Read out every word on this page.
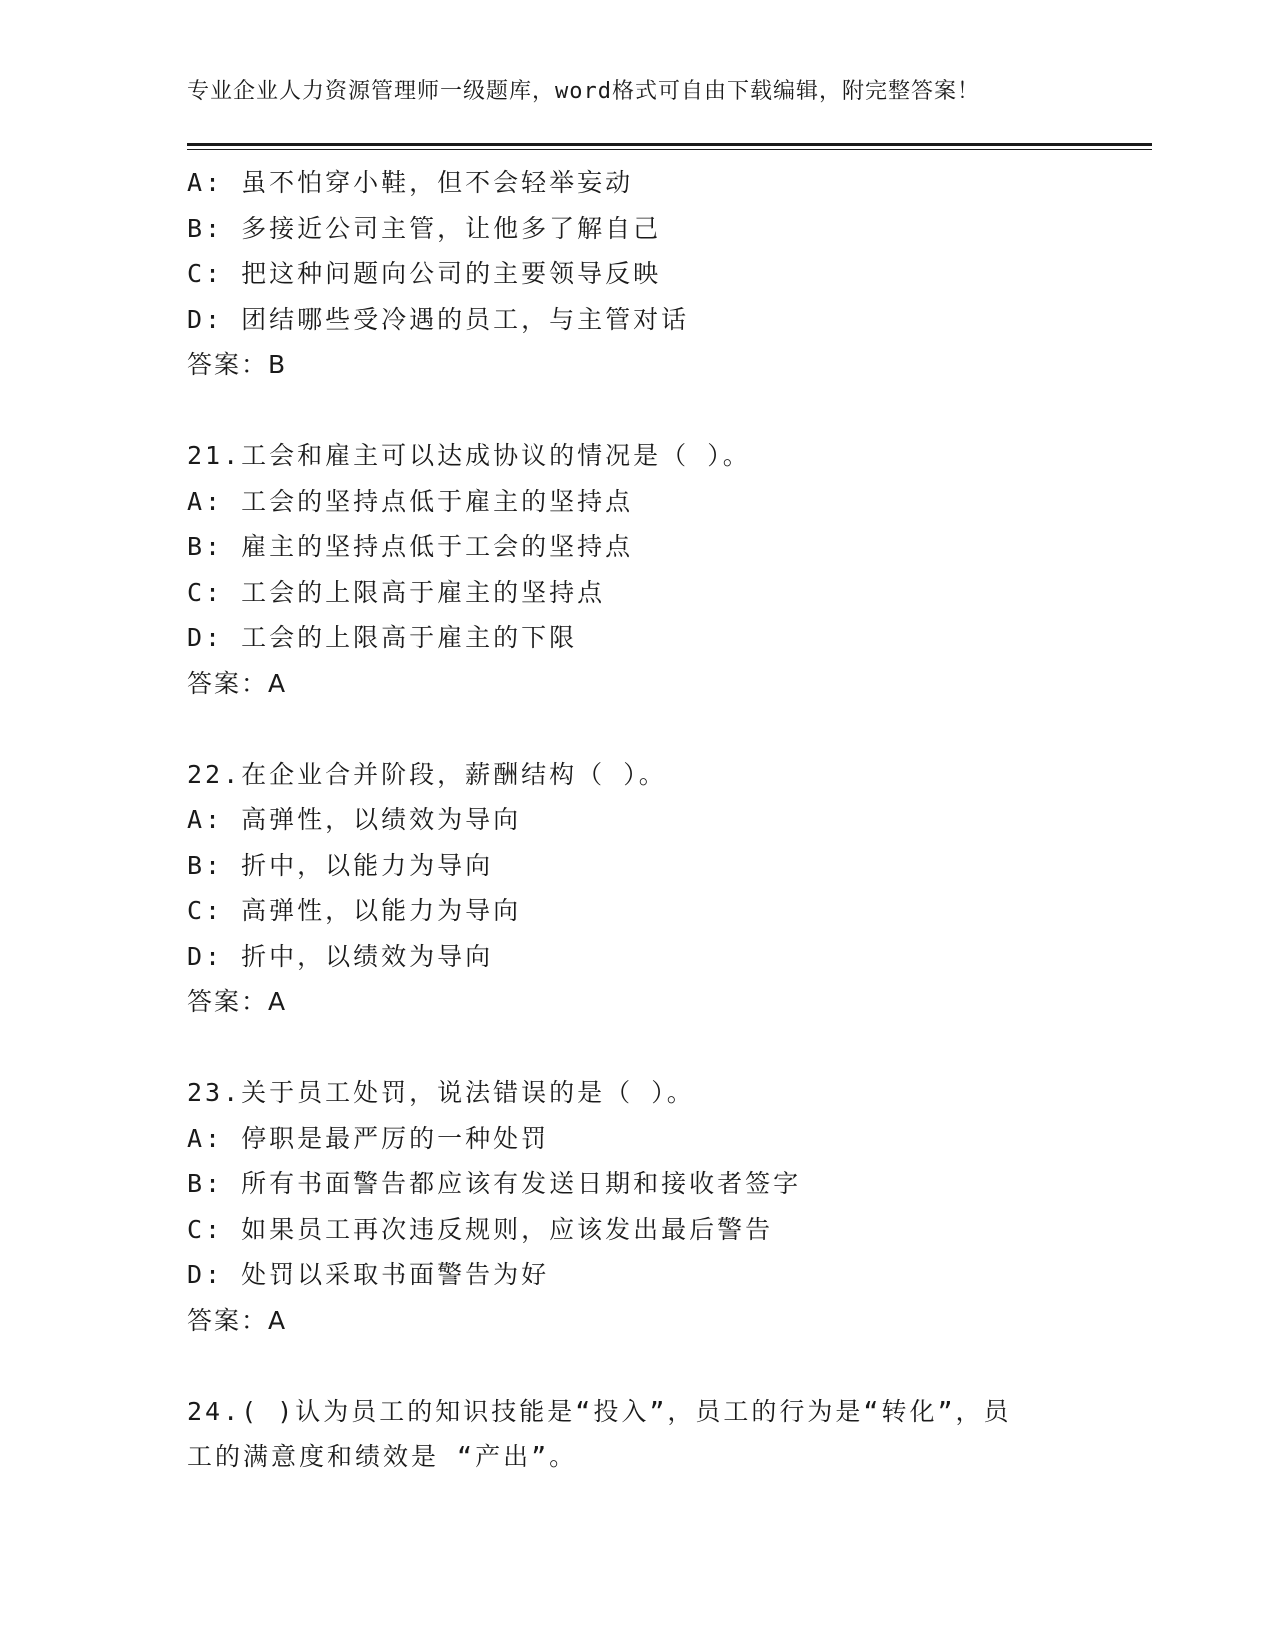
专业企业人力资源管理师一级题库，word格式可自由下载编辑，附完整答案！
A: 虽不怕穿小鞋，但不会轻举妄动
B: 多接近公司主管，让他多了解自己
C: 把这种问题向公司的主要领导反映
D: 团结哪些受冷遇的员工，与主管对话
答案：B
21.工会和雇主可以达成协议的情况是（ ）。
A: 工会的坚持点低于雇主的坚持点
B: 雇主的坚持点低于工会的坚持点
C: 工会的上限高于雇主的坚持点
D: 工会的上限高于雇主的下限
答案：A
22.在企业合并阶段，薪酬结构（ ）。
A: 高弹性，以绩效为导向
B: 折中，以能力为导向
C: 高弹性，以能力为导向
D: 折中，以绩效为导向
答案：A
23.关于员工处罚，说法错误的是（ ）。
A: 停职是最严厉的一种处罚
B: 所有书面警告都应该有发送日期和接收者签字
C: 如果员工再次违反规则，应该发出最后警告
D: 处罚以采取书面警告为好
答案：A
24.( )认为员工的知识技能是“投入”，员工的行为是“转化”，员
工的满意度和绩效是 “产出”。
